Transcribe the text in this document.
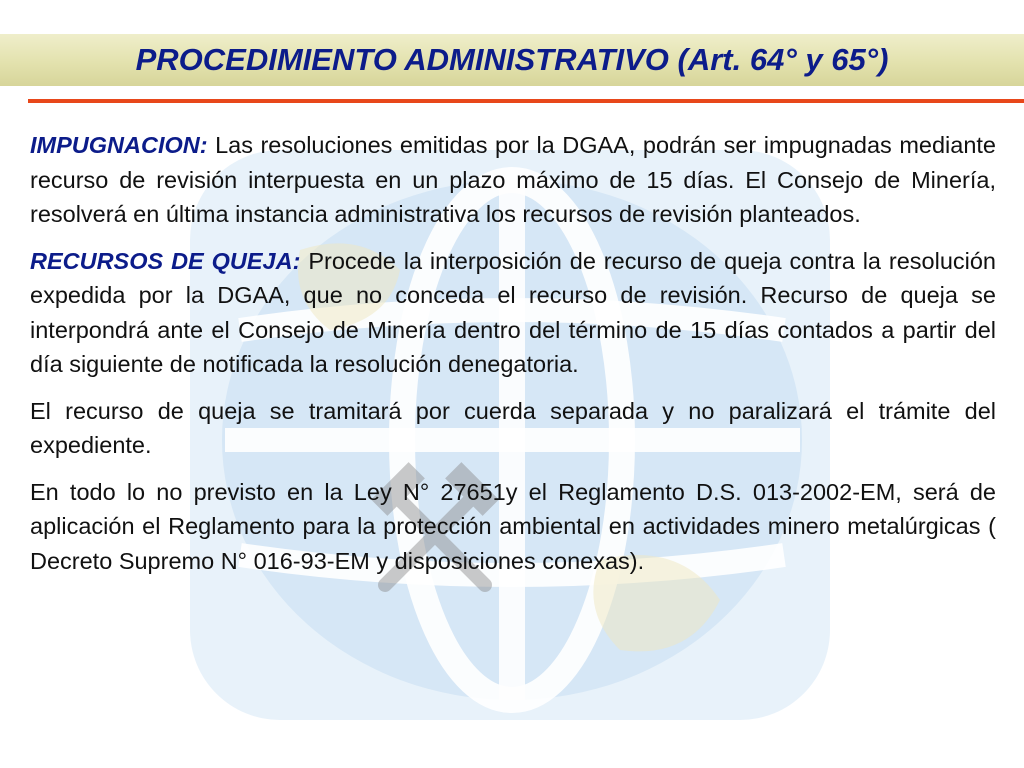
PROCEDIMIENTO ADMINISTRATIVO (Art. 64° y 65°)

IMPUGNACION: Las resoluciones emitidas por la DGAA, podrán ser impugnadas mediante recurso de revisión interpuesta en un plazo máximo de 15 días. El Consejo de Minería, resolverá en última instancia administrativa los recursos de revisión planteados.

RECURSOS DE QUEJA: Procede la interposición de recurso de queja contra la resolución expedida por la DGAA, que no conceda el recurso de revisión. Recurso de queja se interpondrá ante el Consejo de Minería dentro del término de 15 días contados a partir del día siguiente de notificada la resolución denegatoria.

El recurso de queja se tramitará por cuerda separada y no paralizará el trámite del expediente.

En todo lo no previsto en la Ley N° 27651y el Reglamento D.S. 013-2002-EM, será de aplicación el Reglamento para la protección ambiental en actividades minero metalúrgicas ( Decreto Supremo N° 016-93-EM y disposiciones conexas).
